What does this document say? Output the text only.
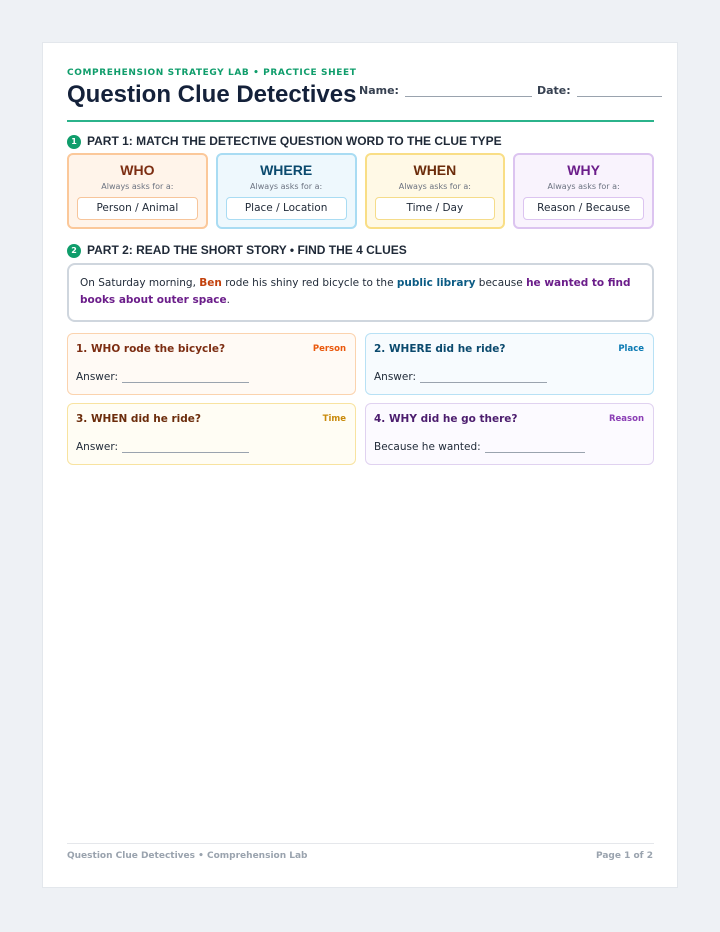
COMPREHENSION STRATEGY LAB • PRACTICE SHEET
Question Clue Detectives Name:	Date:
1 PART 1: MATCH THE DETECTIVE QUESTION WORD TO THE CLUE TYPE
WHO
Always asks for a:
Person / Animal
WHERE
Always asks for a:
Place / Location
WHEN
Always asks for a:
Time / Day
WHY
Always asks for a:
Reason / Because
2 PART 2: READ THE SHORT STORY • FIND THE 4 CLUES
On Saturday morning, Ben rode his shiny red bicycle to the public library because he wanted to find books about outer space.
1. WHO rode the bicycle?	Person
Answer:
2. WHERE did he ride?	Place
Answer:
3. WHEN did he ride?	Time
Answer:
4. WHY did he go there?	Reason
Because he wanted:
Question Clue Detectives • Comprehension Lab	Page 1 of 2
